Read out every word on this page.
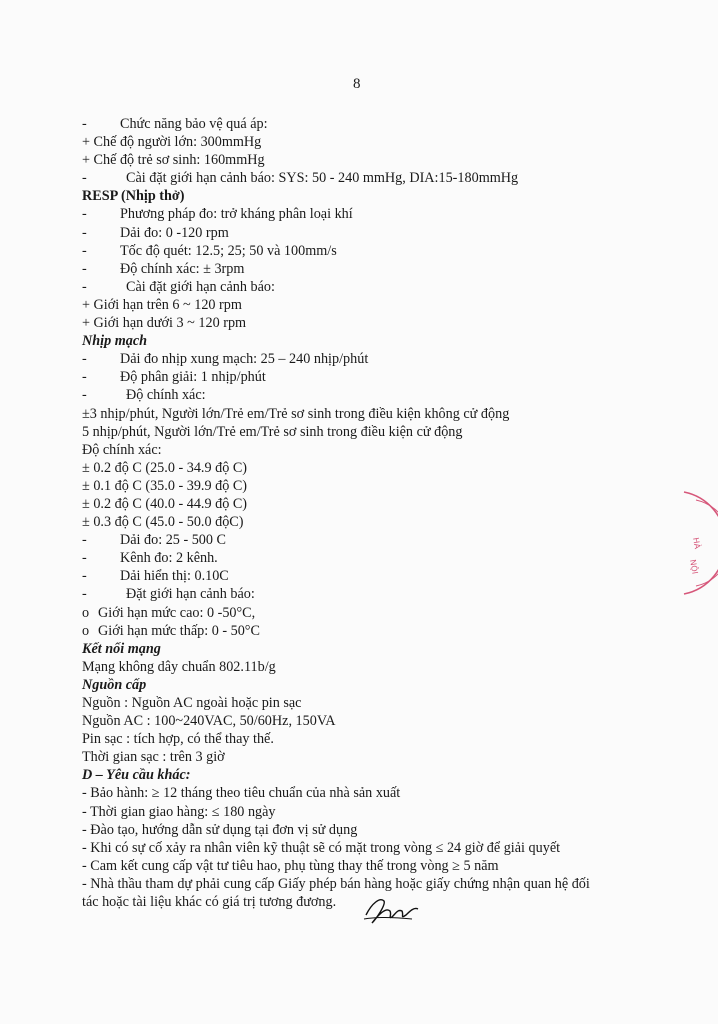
8
- Chức năng bảo vệ quá áp:
+ Chế độ người lớn: 300mmHg
+ Chế độ trẻ sơ sinh: 160mmHg
-	Cài đặt giới hạn cảnh báo: SYS: 50 - 240 mmHg, DIA:15-180mmHg
RESP (Nhịp thở)
- Phương pháp đo: trở kháng phân loại khí
- Dải đo: 0 -120 rpm
- Tốc độ quét: 12.5; 25; 50 và 100mm/s
- Độ chính xác: ± 3rpm
-	Cài đặt giới hạn cảnh báo:
+ Giới hạn trên 6 ~ 120 rpm
+ Giới hạn dưới 3 ~ 120 rpm
Nhịp mạch
- Dải đo nhịp xung mạch: 25 – 240 nhịp/phút
- Độ phân giải: 1 nhịp/phút
-	Độ chính xác:
±3 nhịp/phút, Người lớn/Trẻ em/Trẻ sơ sinh trong điều kiện không cử động
5 nhịp/phút, Người lớn/Trẻ em/Trẻ sơ sinh trong điều kiện cử động
Độ chính xác:
± 0.2 độ C (25.0 - 34.9 độ C)
± 0.1 độ C (35.0 - 39.9 độ C)
± 0.2 độ C (40.0 - 44.9 độ C)
± 0.3 độ C (45.0 - 50.0 độC)
- Dải đo: 25 - 500 C
- Kênh đo: 2 kênh.
- Dải hiển thị: 0.10C
-	Đặt giới hạn cảnh báo:
o Giới hạn mức cao: 0 -50°C,
o Giới hạn mức thấp: 0 - 50°C
Kết nối mạng
Mạng không dây chuẩn 802.11b/g
Nguồn cấp
Nguồn : Nguồn AC ngoài hoặc pin sạc
Nguồn AC : 100~240VAC, 50/60Hz, 150VA
Pin sạc : tích hợp, có thể thay thế.
Thời gian sạc : trên 3 giờ
D – Yêu cầu khác:
- Bảo hành: ≥ 12 tháng theo tiêu chuẩn của nhà sản xuất
- Thời gian giao hàng: ≤ 180 ngày
- Đào tạo, hướng dẫn sử dụng tại đơn vị sử dụng
- Khi có sự cố xảy ra nhân viên kỹ thuật sẽ có mặt trong vòng ≤ 24 giờ để giải quyết
- Cam kết cung cấp vật tư tiêu hao, phụ tùng thay thế trong vòng ≥ 5 năm
- Nhà thầu tham dự phải cung cấp Giấy phép bán hàng hoặc giấy chứng nhận quan hệ đối
tác hoặc tài liệu khác có giá trị tương đương.
HÀ
NỘI
